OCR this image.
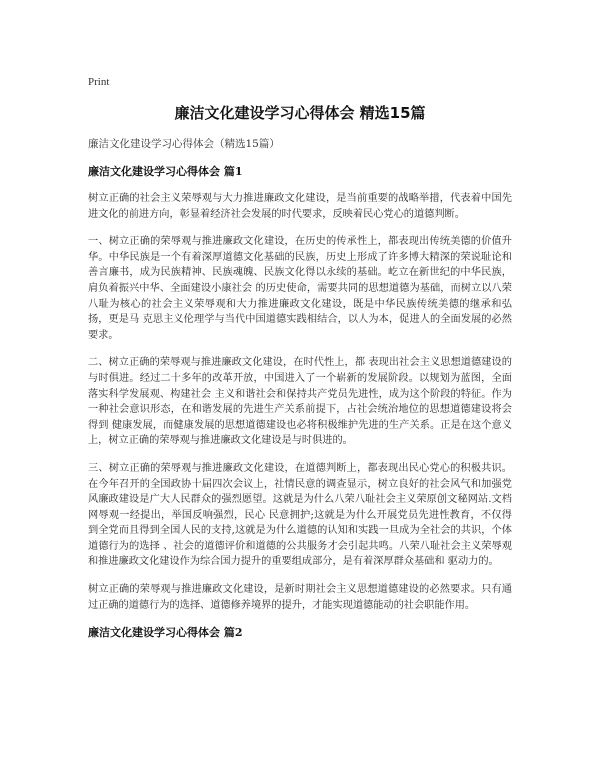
Print
廉洁文化建设学习心得体会 精选15篇
廉洁文化建设学习心得体会（精选15篇）
廉洁文化建设学习心得体会 篇1

树立正确的社会主义荣辱观与大力推进廉政文化建设，是当前重要的战略举措，代表着中国先进文化的前进方向，彰显着经济社会发展的时代要求，反映着民心党心的道德判断。

一、树立正确的荣辱观与推进廉政文化建设，在历史的传承性上，都表现出传统美德的价值升华。中华民族是一个有着深厚道德文化基础的民族，历史上形成了许多博大精深的荣说耻论和善言廉书，成为民族精神、民族魂魄、民族文化得以永续的基础。屹立在新世纪的中华民族，肩负着振兴中华、全面建设小康社会 的历史使命，需要共同的思想道德为基础，而树立以八荣八耻为核心的社会主义荣辱观和大力推进廉政文化建设，既是中华民族传统美德的继承和弘扬，更是马 克思主义伦理学与当代中国道德实践相结合，以人为本，促进人的全面发展的必然要求。

二、树立正确的荣辱观与推进廉政文化建设，在时代性上，都 表现出社会主义思想道德建设的与时俱进。经过二十多年的改革开放，中国进入了一个崭新的发展阶段。以规划为蓝图，全面落实科学发展观、构建社会 主义和谐社会和保持共产党员先进性，成为这个阶段的特征。作为一种社会意识形态，在和谐发展的先进生产关系前提下，占社会统治地位的思想道德建设将会得到 健康发展，而健康发展的思想道德建设也必将积极维护先进的生产关系。正是在这个意义上，树立正确的荣辱观与推进廉政文化建设是与时俱进的。

三、树立正确的荣辱观与推进廉政文化建设，在道德判断上，都表现出民心党心的积极共识。在今年召开的全国政协十届四次会议上，社情民意的调查显示，树立良好的社会风气和加强党风廉政建设是广大人民群众的强烈愿望。这就是为什么八荣八耻社会主义荣原创文秘网站.文档网辱观一经提出，举国反响强烈，民心 民意拥护;这就是为什么开展党员先进性教育，不仅得到全党而且得到全国人民的支持,这就是为什么道德的认知和实践一旦成为全社会的共识，个体道德行为的选择 、社会的道德评价和道德的公共服务才会引起共鸣。八荣八耻社会主义荣辱观和推进廉政文化建设作为综合国力提升的重要组成部分，是有着深厚群众基础和 驱动力的。

树立正确的荣辱观与推进廉政文化建设，是新时期社会主义思想道德建设的必然要求。只有通过正确的道德行为的选择、道德修养境界的提升，才能实现道德能动的社会职能作用。

廉洁文化建设学习心得体会 篇2
